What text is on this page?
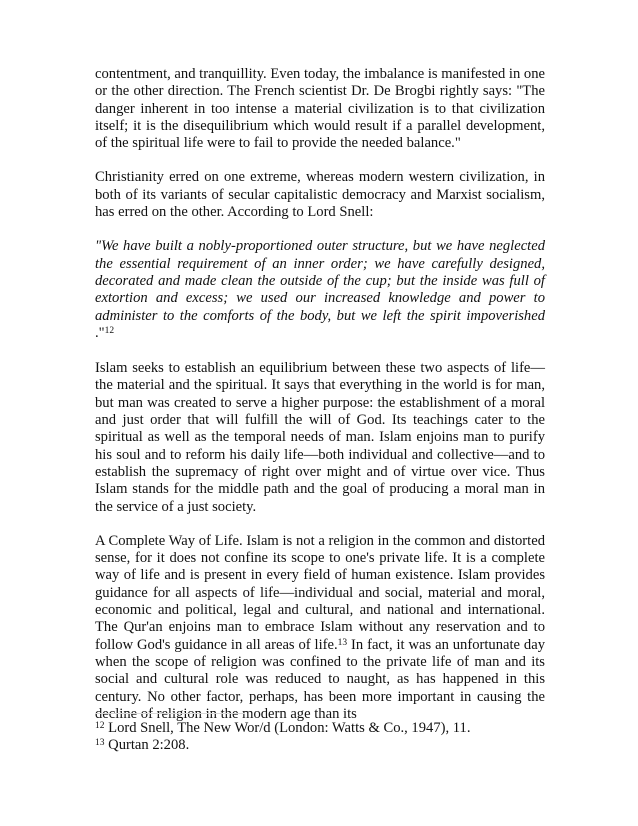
contentment, and tranquillity. Even today, the imbalance is manifested in one or the other direction. The French scientist Dr. De Brogbi rightly says: "The danger inherent in too intense a material civilization is to that civilization itself; it is the disequilibrium which would result if a parallel development, of the spiritual life were to fail to provide the needed balance."

Christianity erred on one extreme, whereas modern western civilization, in both of its variants of secular capitalistic democracy and Marxist socialism, has erred on the other. According to Lord Snell:

"We have built a nobly-proportioned outer structure, but we have neglected the essential requirement of an inner order; we have carefully designed, decorated and made clean the outside of the cup; but the inside was full of extortion and excess; we used our increased knowledge and power to administer to the comforts of the body, but we left the spirit impoverished ."$^{12}$

Islam seeks to establish an equilibrium between these two aspects of life—the material and the spiritual. It says that everything in the world is for man, but man was created to serve a higher purpose: the establishment of a moral and just order that will fulfill the will of God. Its teachings cater to the spiritual as well as the temporal needs of man. Islam enjoins man to purify his soul and to reform his daily life—both individual and collective—and to establish the supremacy of right over might and of virtue over vice. Thus Islam stands for the middle path and the goal of producing a moral man in the service of a just society.

A Complete Way of Life. Islam is not a religion in the common and distorted sense, for it does not confine its scope to one's private life. It is a complete way of life and is present in every field of human existence. Islam provides guidance for all aspects of life—individual and social, material and moral, economic and political, legal and cultural, and national and international. The Qur'an enjoins man to embrace Islam without any reservation and to follow God's guidance in all areas of life.$^{13}$ In fact, it was an unfortunate day when the scope of religion was confined to the private life of man and its social and cultural role was reduced to naught, as has happened in this century. No other factor, perhaps, has been more important in causing the decline of religion in the modern age than its

$^{12}$ Lord Snell, The New Wor/d (London: Watts & Co., 1947), 11.
$^{13}$ Qurtan 2:208.
